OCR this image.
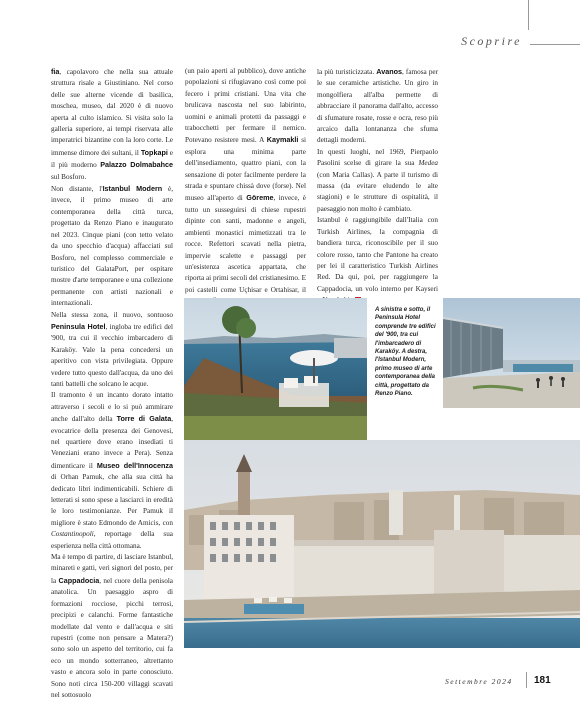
Scoprire

fia, capolavoro che nella sua attuale struttura risale a Giustiniano. Nel corso delle sue alterne vicende di basilica, moschea, museo, dal 2020 è di nuovo aperta al culto islamico. Si visita solo la galleria superiore, ai tempi riservata alle imperatrici bizantine con la loro corte. Le immense dimore dei sultani, il Topkapi e il più moderno Palazzo Dolmabahce sul Bosforo.

Non distante, l'Istanbul Modern è, invece, il primo museo di arte contemporanea della città turca, progettato da Renzo Piano e inaugurato nel 2023. Cinque piani (con tetto velato da uno specchio d'acqua) affacciati sul Bosforo, nel complesso commerciale e turistico del GalataPort, per ospitare mostre d'arte temporanee e una collezione permanente con artisti nazionali e internazionali.

Nella stessa zona, il nuovo, sontuoso Peninsula Hotel, ingloba tre edifici del '900, tra cui il vecchio imbarcadero di Karaköy. Vale la pena concedersi un aperitivo con vista privilegiata. Oppure vedere tutto questo dall'acqua, da uno dei tanti battelli che solcano le acque.

Il tramonto è un incanto dorato intatto attraverso i secoli e lo si può ammirare anche dall'alto della Torre di Galata, evocatrice della presenza dei Genovesi, nel quartiere dove erano insediati ti Veneziani erano invece a Pera). Senza dimenticare il Museo dell'Innocenza di Orhan Pamuk, che alla sua città ha dedicato libri indimenticabili. Schiere di letterati si sono spese a lasciarci in eredità le loro testimonianze. Per Pamuk il migliore è stato Edmondo de Amicis, con Costantinopoli, reportage della sua esperienza nella città ottomana.

Ma è tempo di partire, di lasciare Istanbul, minareti e gatti, veri signori del posto, per la Cappadocia, nel cuore della penisola anatolica. Un paesaggio aspro di formazioni rocciose, picchi terrosi, precipizi e calanchi. Forme fantastiche modellate dal vento e dall'acqua e siti rupestri (come non pensare a Matera?) sono solo un aspetto del territorio, cui fa eco un mondo sotterraneo, altrettanto vasto e ancora solo in parte conosciuto. Sono noti circa 150-200 villaggi scavati nel sottosuolo

(un paio aperti al pubblico), dove antiche popolazioni si rifugiavano così come poi fecero i primi cristiani. Una vita che brulicava nascosta nel suo labirinto, uomini e animali protetti da passaggi e trabocchetti per fermare il nemico. Potevano resistere mesi. A Kaymakli si esplora una minima parte dell'insediamento, quattro piani, con la sensazione di poter facilmente perdere la strada e spuntare chissà dove (forse). Nel museo all'aperto di Göreme, invece, è tutto un susseguirsi di chiese rupestri dipinte con santi, madonne e angeli, ambienti monastici mimetizzati tra le rocce. Refettori scavati nella pietra, impervie scalette e passaggi per un'esistenza ascetica appartata, che riporta ai primi secoli del cristianesimo. E poi castelli come Uçhisar e Ortahisar, il

la più turisticizzata. Avanos, famosa per le sue ceramiche artistiche. Un giro in mongolfiera all'alba permette di abbracciare il panorama dall'alto, accesso di sfumature rosate, rosse e ocra, reso più arcaico dalla lontananza che sfuma dettagli moderni.

In questi luoghi, nel 1969, Pierpaolo Pasolini scelse di girare la sua Medea (con Maria Callas). A parte il turismo di massa (da evitare eludendo le alte stagioni) e le strutture di ospitalità, il paesaggio non molto è cambiato.

Istanbul è raggiungibile dall'Italia con Turkish Airlines, la compagnia di bandiera turca, riconoscibile per il suo colore rosso, tanto che Pantone ha creato per lei il caratteristico Turkish Airlines Red. Da qui, poi, per raggiungere la Cappadocia, un volo interno per Kayseri

A sinistra e sotto, il Peninsula Hotel comprende tre edifici del '900, tra cui l'imbarcadero di Karaköy. A destra, l'Istanbul Modern, primo museo di arte contemporanea della città, progettato da Renzo Piano.
Settembre 2024 181
